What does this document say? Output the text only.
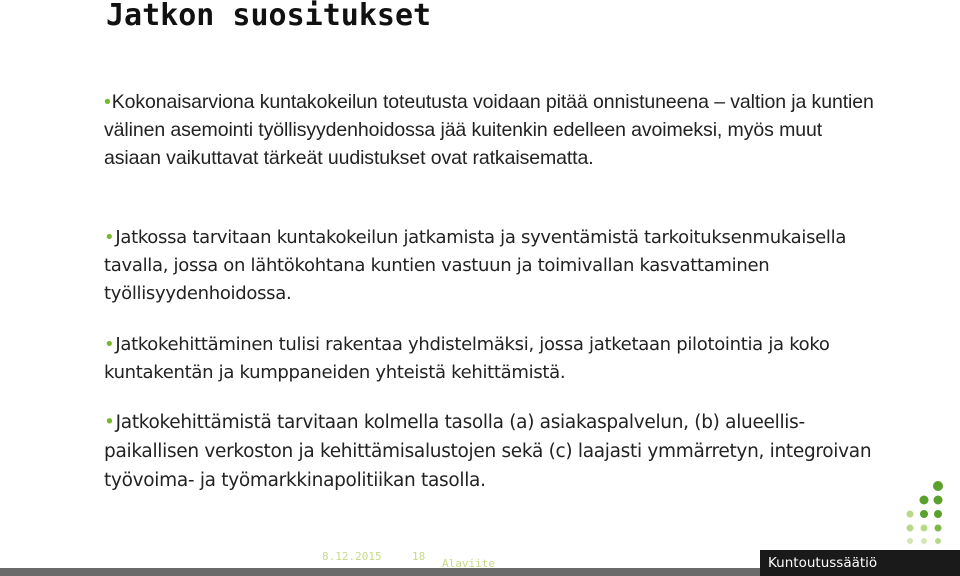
Jatkon suositukset

•Kokonaisarviona kuntakokeilun toteutusta voidaan pitää onnistuneena – valtion ja kuntien välinen asemointi työllisyydenhoidossa jää kuitenkin edelleen avoimeksi, myös muut asiaan vaikuttavat tärkeät uudistukset ovat ratkaisematta.

•Jatkossa tarvitaan kuntakokeilun jatkamista ja syventämistä tarkoituksenmukaisella tavalla, jossa on lähtökohtana kuntien vastuun ja toimivallan kasvattaminen työllisyydenhoidossa.

•Jatkokehittäminen tulisi rakentaa yhdistelmäksi, jossa jatketaan pilotointia ja koko kuntakentän ja kumppaneiden yhteistä kehittämistä.

•Jatkokehittämistä tarvitaan kolmella tasolla (a) asiakaspalvelun, (b) alueellis-paikallisen verkoston ja kehittämisalustojen sekä (c) laajasti ymmärretyn, integroivan työvoima- ja työmarkkinapolitiikan tasolla.

8.12.2015	18
Alaviite	Kuntoutussäätiö
